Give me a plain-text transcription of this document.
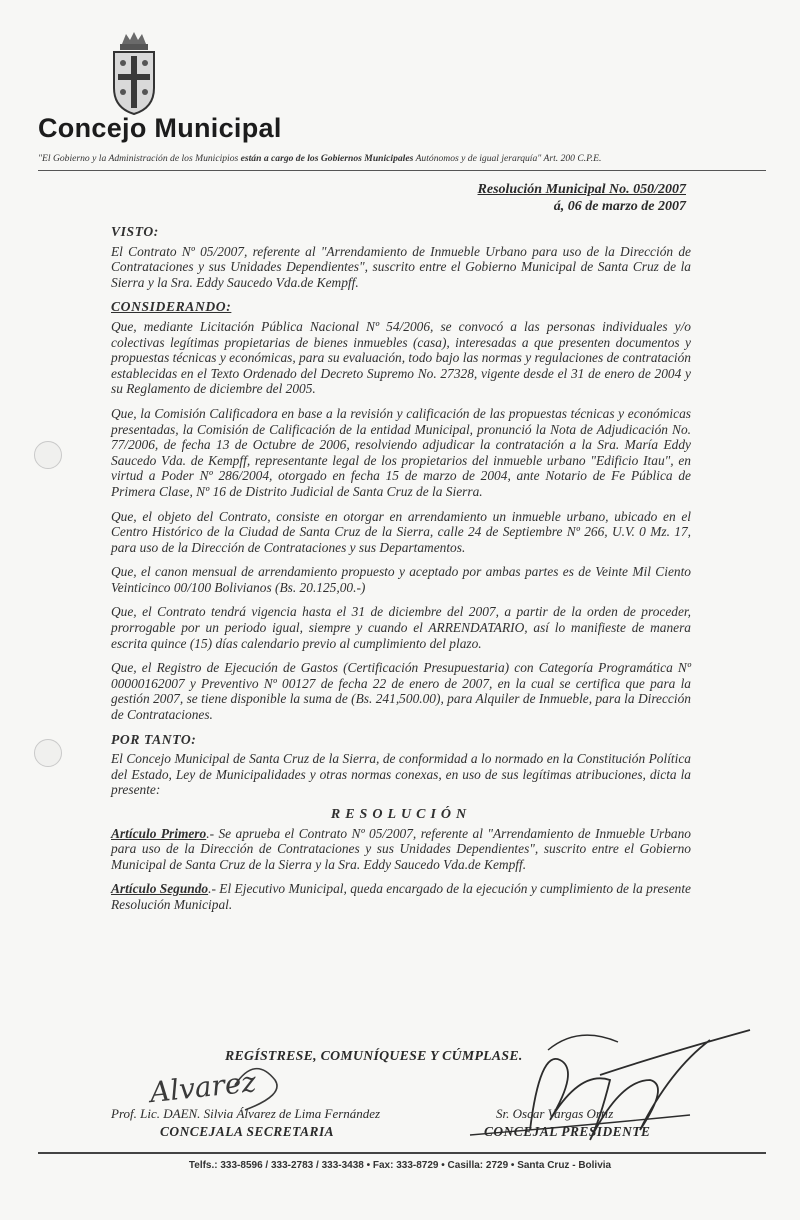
Concejo Municipal
"El Gobierno y la Administración de los Municipios están a cargo de los Gobiernos Municipales Autónomos y de igual jerarquía" Art. 200 C.P.E.
Resolución Municipal No. 050/2007
á, 06 de marzo de 2007
VISTO:

El Contrato Nº 05/2007, referente al "Arrendamiento de Inmueble Urbano para uso de la Dirección de Contrataciones y sus Unidades Dependientes", suscrito entre el Gobierno Municipal de Santa Cruz de la Sierra y la Sra. Eddy Saucedo Vda.de Kempff.

CONSIDERANDO:

Que, mediante Licitación Pública Nacional Nº 54/2006, se convocó a las personas individuales y/o colectivas legítimas propietarias de bienes inmuebles (casa), interesadas a que presenten documentos y propuestas técnicas y económicas, para su evaluación, todo bajo las normas y regulaciones de contratación establecidas en el Texto Ordenado del Decreto Supremo No. 27328, vigente desde el 31 de enero de 2004 y su Reglamento de diciembre del 2005.

Que, la Comisión Calificadora en base a la revisión y calificación de las propuestas técnicas y económicas presentadas, la Comisión de Calificación de la entidad Municipal, pronunció la Nota de Adjudicación No. 77/2006, de fecha 13 de Octubre de 2006, resolviendo adjudicar la contratación a la Sra. María Eddy Saucedo Vda. de Kempff, representante legal de los propietarios del inmueble urbano "Edificio Itau", en virtud a Poder Nº 286/2004, otorgado en fecha 15 de marzo de 2004, ante Notario de Fe Pública de Primera Clase, Nº 16 de Distrito Judicial de Santa Cruz de la Sierra.

Que, el objeto del Contrato, consiste en otorgar en arrendamiento un inmueble urbano, ubicado en el Centro Histórico de la Ciudad de Santa Cruz de la Sierra, calle 24 de Septiembre Nº 266, U.V. 0 Mz. 17, para uso de la Dirección de Contrataciones y sus Departamentos.

Que, el canon mensual de arrendamiento propuesto y aceptado por ambas partes es de Veinte Mil Ciento Veinticinco 00/100 Bolivianos (Bs. 20.125,00.-)

Que, el Contrato tendrá vigencia hasta el 31 de diciembre del 2007, a partir de la orden de proceder, prorrogable por un periodo igual, siempre y cuando el ARRENDATARIO, así lo manifieste de manera escrita quince (15) días calendario previo al cumplimiento del plazo.

Que, el Registro de Ejecución de Gastos (Certificación Presupuestaria) con Categoría Programática Nº 00000162007 y Preventivo Nº 00127 de fecha 22 de enero de 2007, en la cual se certifica que para la gestión 2007, se tiene disponible la suma de (Bs. 241,500.00), para Alquiler de Inmueble, para la Dirección de Contrataciones.

POR TANTO:

El Concejo Municipal de Santa Cruz de la Sierra, de conformidad a lo normado en la Constitución Política del Estado, Ley de Municipalidades y otras normas conexas, en uso de sus legítimas atribuciones, dicta la presente:

RESOLUCIÓN

Artículo Primero.- Se aprueba el Contrato Nº 05/2007, referente al "Arrendamiento de Inmueble Urbano para uso de la Dirección de Contrataciones y sus Unidades Dependientes", suscrito entre el Gobierno Municipal de Santa Cruz de la Sierra y la Sra. Eddy Saucedo Vda.de Kempff.

Artículo Segundo.- El Ejecutivo Municipal, queda encargado de la ejecución y cumplimiento de la presente Resolución Municipal.

REGÍSTRESE, COMUNÍQUESE Y CÚMPLASE.
Alvarez
Prof. Lic. DAEN. Silvia Álvarez de Lima Fernández
CONCEJALA SECRETARIA
Sr. Oscar Vargas Ortiz
CONCEJAL PRESIDENTE
Telfs.: 333-8596 / 333-2783 / 333-3438 • Fax: 333-8729 • Casilla: 2729 • Santa Cruz - Bolivia
